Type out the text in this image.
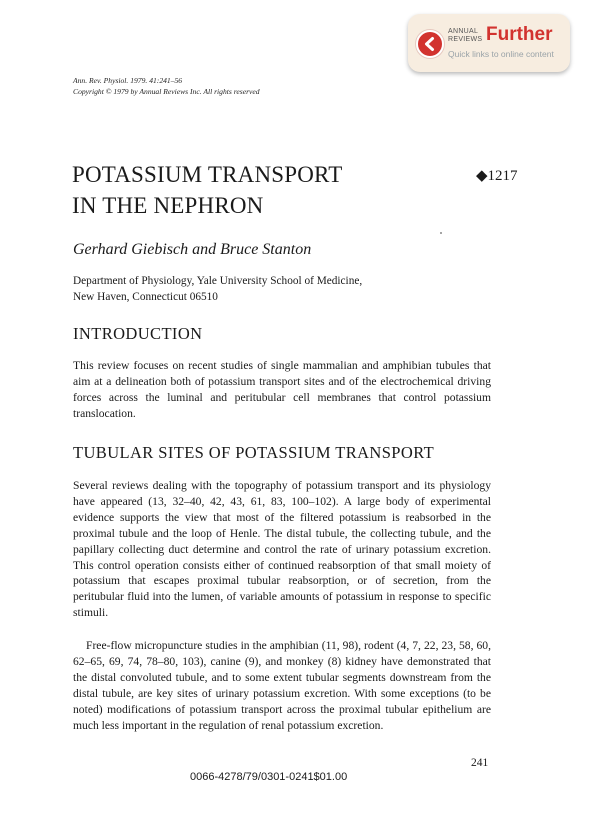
ANNUAL
REVIEWS Further
Quick links to online content
Ann. Rev. Physiol. 1979. 41:241–56
Copyright © 1979 by Annual Reviews Inc. All rights reserved
POTASSIUM TRANSPORT
IN THE NEPHRON
◆1217
Gerhard Giebisch and Bruce Stanton
Department of Physiology, Yale University School of Medicine,
New Haven, Connecticut 06510
INTRODUCTION
This review focuses on recent studies of single mammalian and amphibian tubules that aim at a delineation both of potassium transport sites and of the electrochemical driving forces across the luminal and peritubular cell membranes that control potassium translocation.
TUBULAR SITES OF POTASSIUM TRANSPORT
Several reviews dealing with the topography of potassium transport and its physiology have appeared (13, 32–40, 42, 43, 61, 83, 100–102). A large body of experimental evidence supports the view that most of the filtered potassium is reabsorbed in the proximal tubule and the loop of Henle. The distal tubule, the collecting tubule, and the papillary collecting duct determine and control the rate of urinary potassium excretion. This control operation consists either of continued reabsorption of that small moiety of potassium that escapes proximal tubular reabsorption, or of secretion, from the peritubular fluid into the lumen, of variable amounts of potassium in response to specific stimuli.
Free-flow micropuncture studies in the amphibian (11, 98), rodent (4, 7, 22, 23, 58, 60, 62–65, 69, 74, 78–80, 103), canine (9), and monkey (8) kidney have demonstrated that the distal convoluted tubule, and to some extent tubular segments downstream from the distal tubule, are key sites of urinary potassium excretion. With some exceptions (to be noted) modifications of potassium transport across the proximal tubular epithelium are much less important in the regulation of renal potassium excretion.
241
0066-4278/79/0301-0241$01.00
